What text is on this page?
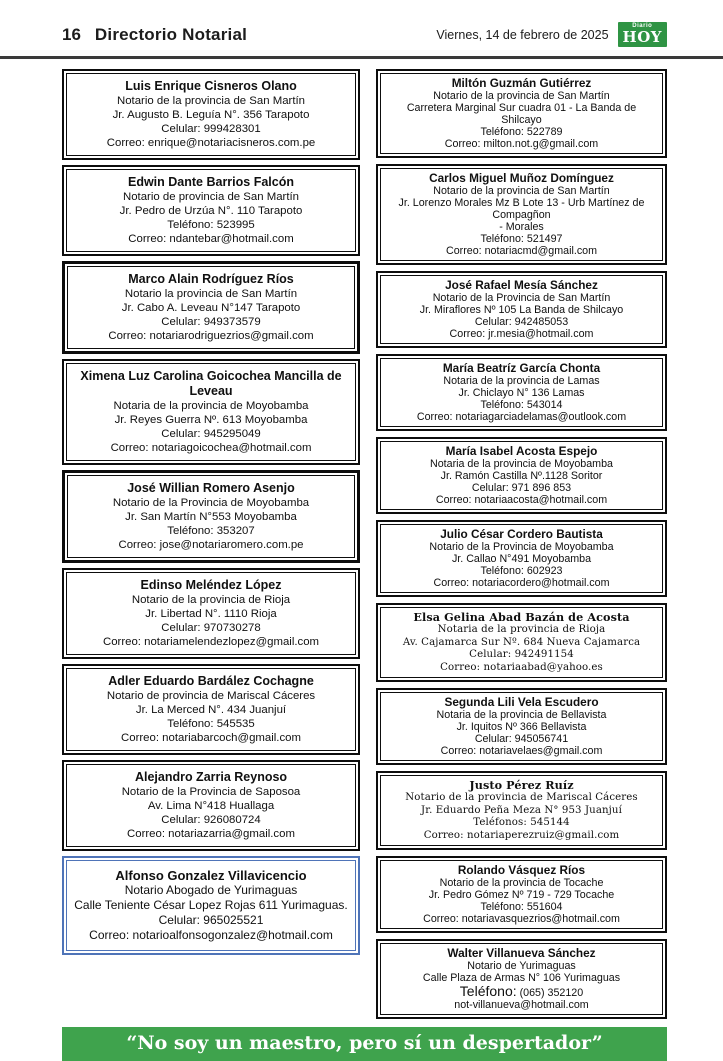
16 Directorio Notarial	Viernes, 14 de febrero de 2025
Diario
HOY
Luis Enrique Cisneros Olano
Notario de la provincia de San Martín
Jr. Augusto B. Leguía N°. 356 Tarapoto
Celular: 999428301
Correo: enrique@notariacisneros.com.pe
Edwin Dante Barrios Falcón
Notario de provincia de San Martín
Jr. Pedro de Urzúa N°. 110 Tarapoto
Teléfono: 523995
Correo: ndantebar@hotmail.com
Marco Alain Rodríguez Ríos
Notario la provincia de San Martín
Jr. Cabo A. Leveau N°147 Tarapoto
Celular: 949373579
Correo: notariarodriguezrios@gmail.com
Ximena Luz Carolina Goicochea Mancilla de Leveau
Notaria de la provincia de Moyobamba
Jr. Reyes Guerra Nº. 613 Moyobamba
Celular: 945295049
Correo: notariagoicochea@hotmail.com
José Willian Romero Asenjo
Notario de la Provincia de Moyobamba
Jr. San Martín N°553 Moyobamba
Teléfono: 353207
Correo: jose@notariaromero.com.pe
Edinso Meléndez López
Notario de la provincia de Rioja
Jr. Libertad N°. 1110 Rioja
Celular: 970730278
Correo: notariamelendezlopez@gmail.com
Adler Eduardo Bardález Cochagne
Notario de provincia de Mariscal Cáceres
Jr. La Merced N°. 434 Juanjuí
Teléfono: 545535
Correo: notariabarcoch@gmail.com
Alejandro Zarria Reynoso
Notario de la Provincia de Saposoa
Av. Lima N°418 Huallaga
Celular: 926080724
Correo: notariazarria@gmail.com
Alfonso Gonzalez Villavicencio
Notario Abogado de Yurimaguas
Calle Teniente César Lopez Rojas 611 Yurimaguas.
Celular: 965025521
Correo: notarioalfonsogonzalez@hotmail.com
Miltón Guzmán Gutiérrez
Notario de la provincia de San Martín
Carretera Marginal Sur cuadra 01 - La Banda de Shilcayo
Teléfono: 522789
Correo: milton.not.g@gmail.com
Carlos Miguel Muñoz Domínguez
Notario de la provincia de San Martín
Jr. Lorenzo Morales Mz B Lote 13 - Urb Martínez de Compagñon
- Morales
Teléfono: 521497
Correo: notariacmd@gmail.com
José Rafael Mesía Sánchez
Notario de la Provincia de San Martín
Jr. Miraflores Nº 105 La Banda de Shilcayo
Celular: 942485053
Correo: jr.mesia@hotmail.com
María Beatríz García Chonta
Notaria de la provincia de Lamas
Jr. Chiclayo N° 136 Lamas
Teléfono: 543014
Correo: notariagarciadelamas@outlook.com
María Isabel Acosta Espejo
Notaria de la provincia de Moyobamba
Jr. Ramón Castilla Nº.1128 Soritor
Celular: 971 896 853
Correo: notariaacosta@hotmail.com
Julio César Cordero Bautista
Notario de la Provincia de Moyobamba
Jr. Callao N°491 Moyobamba
Teléfono: 602923
Correo: notariacordero@hotmail.com
Elsa Gelina Abad Bazán de Acosta
Notaria de la provincia de Rioja
Av. Cajamarca Sur Nº. 684 Nueva Cajamarca
Celular: 942491154
Correo: notariaabad@yahoo.es
Segunda Lili Vela Escudero
Notaria de la provincia de Bellavista
Jr. Iquitos Nº 366 Bellavista
Celular: 945056741
Correo: notariavelaes@gmail.com
Justo Pérez Ruíz
Notario de la provincia de Mariscal Cáceres
Jr. Eduardo Peña Meza N° 953 Juanjuí
Teléfonos: 545144
Correo: notariaperezruiz@gmail.com
Rolando Vásquez Ríos
Notario de la provincia de Tocache
Jr. Pedro Gómez Nº 719 - 729 Tocache
Teléfono: 551604
Correo: notariavasquezrios@hotmail.com
Walter Villanueva Sánchez
Notario de Yurimaguas
Calle Plaza de Armas N° 106 Yurimaguas
Teléfono: (065) 352120
not-villanueva@hotmail.com
“No soy un maestro, pero sí un despertador”
